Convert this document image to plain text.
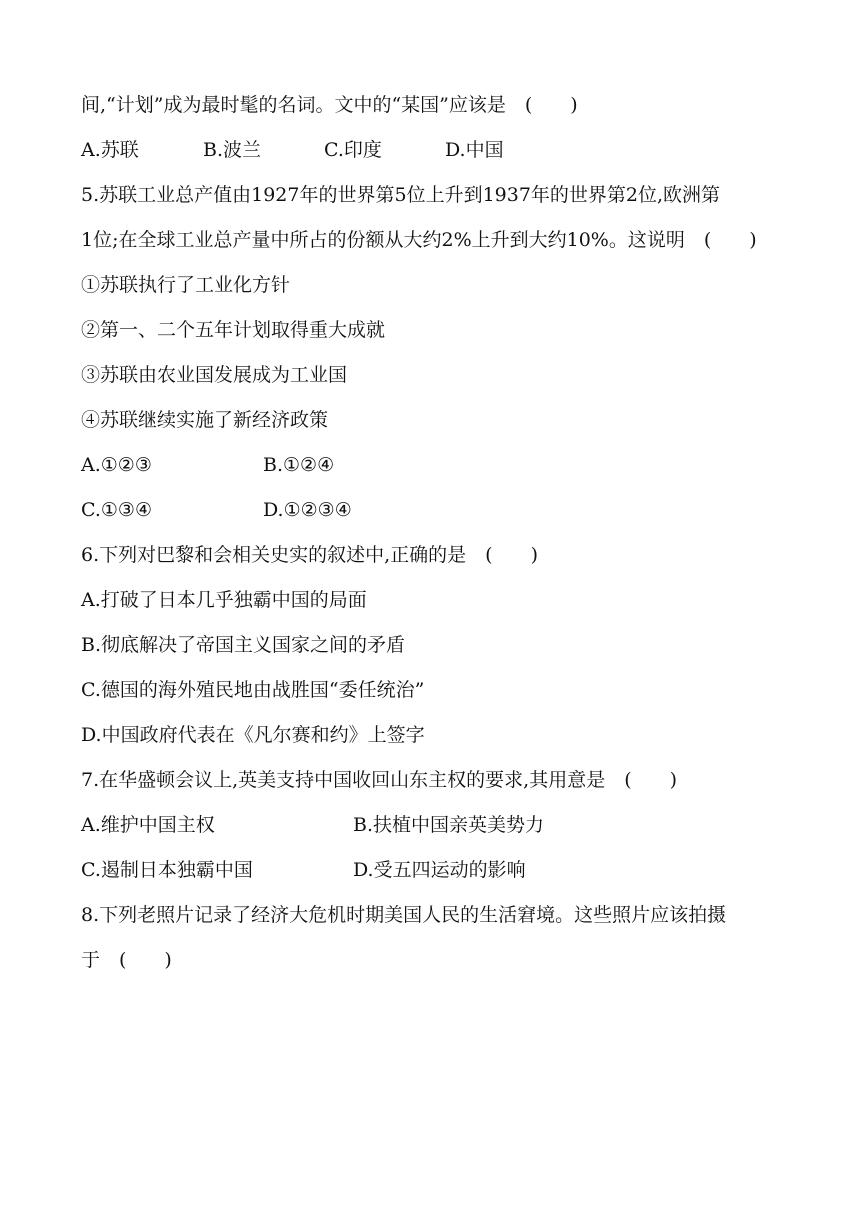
间,“计划”成为最时髦的名词。文中的“某国”应该是　(　　)
A.苏联	B.波兰	C.印度	D.中国
5.苏联工业总产值由1927年的世界第5位上升到1937年的世界第2位,欧洲第
1位;在全球工业总产量中所占的份额从大约2%上升到大约10%。这说明　(　　)
①苏联执行了工业化方针
②第一、二个五年计划取得重大成就
③苏联由农业国发展成为工业国
④苏联继续实施了新经济政策
A.①②③	B.①②④
C.①③④	D.①②③④
6.下列对巴黎和会相关史实的叙述中,正确的是　(　　)
A.打破了日本几乎独霸中国的局面
B.彻底解决了帝国主义国家之间的矛盾
C.德国的海外殖民地由战胜国“委任统治”
D.中国政府代表在《凡尔赛和约》上签字
7.在华盛顿会议上,英美支持中国收回山东主权的要求,其用意是　(　　)
A.维护中国主权	B.扶植中国亲英美势力
C.遏制日本独霸中国	D.受五四运动的影响
8.下列老照片记录了经济大危机时期美国人民的生活窘境。这些照片应该拍摄
于　(　　)
